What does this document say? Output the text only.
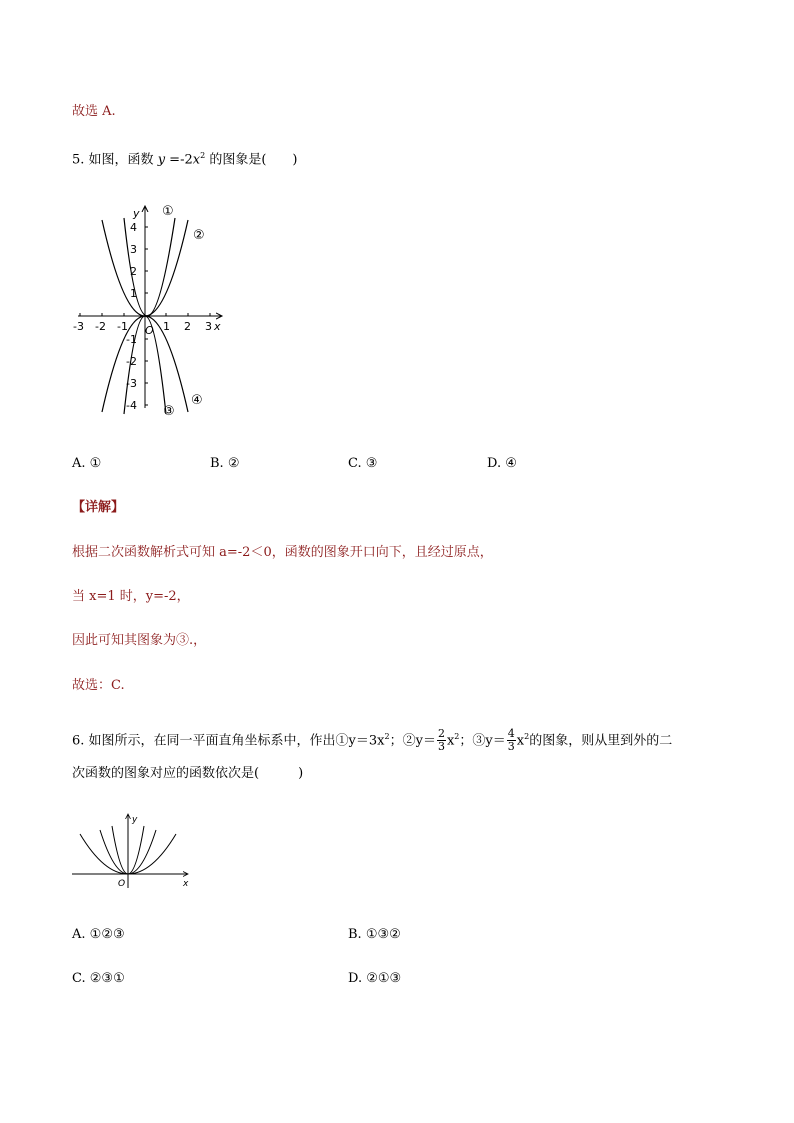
故选 A.
5. 如图，函数 $y =-2x^2$ 的图象是(　　)
-3 -2 -1	1 2 3 x
y
O
4
3
2
1
-1
-2
-3
-4
①
②
③
④
A. ①	B. ②	C. ③	D. ④
【详解】
根据二次函数解析式可知 a=-2＜0，函数的图象开口向下，且经过原点，
当 x=1 时，y=-2，
因此可知其图象为③.，
故选：C.
6. 如图所示，在同一平面直角坐标系中，作出$①y=3x^2$；②y＝ $\frac{2}{3} x^2$；③y＝ $\frac{4}{3} x^2$的图象，则从里到外的二
次函数的图象对应的函数依次是(　　　)
y
x
O
A. ①②③	B. ①③②
C. ②③①	D. ②①③
